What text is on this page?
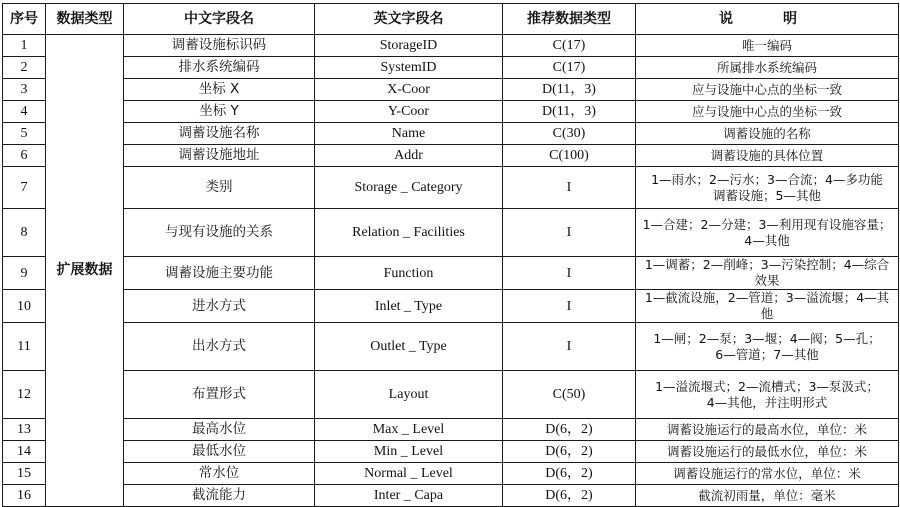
序号	数据类型	中文字段名	英文字段名	推荐数据类型	说　明
1	扩展数据	调蓄设施标识码	StorageID	C(17)	唯一编码
2		排水系统编码	SystemID	C(17)	所属排水系统编码
3		坐标 X	X-Coor	D(11，3)	应与设施中心点的坐标一致
4		坐标 Y	Y-Coor	D(11，3)	应与设施中心点的坐标一致
5		调蓄设施名称	Name	C(30)	调蓄设施的名称
6		调蓄设施地址	Addr	C(100)	调蓄设施的具体位置
7		类别	Storage _ Category	I	1—雨水；2—污水；3—合流；4—多功能
调蓄设施；5—其他

8		与现有设施的关系	Relation _ Facilities	I	1—合建；2—分建；3—利用现有设施容量；
4—其他

9		调蓄设施主要功能	Function	I	1—调蓄；2—削峰；3—污染控制；4—综合效果
10		进水方式	Inlet _ Type	I	1—截流设施，2—管道；3—溢流堰；4—其他
11		出水方式	Outlet _ Type	I	1—闸；2—泵；3—堰；4—阀；5—孔；
6—管道；7—其他

12		布置形式	Layout	C(50)	1—溢流堰式；2—流槽式；3—泵汲式；
4—其他，并注明形式

13		最高水位	Max _ Level	D(6，2)	调蓄设施运行的最高水位，单位：米
14		最低水位	Min _ Level	D(6，2)	调蓄设施运行的最低水位，单位：米
15		常水位	Normal _ Level	D(6，2)	调蓄设施运行的常水位，单位：米
16		截流能力	Inter _ Capa	D(6，2)	截流初雨量，单位：毫米
